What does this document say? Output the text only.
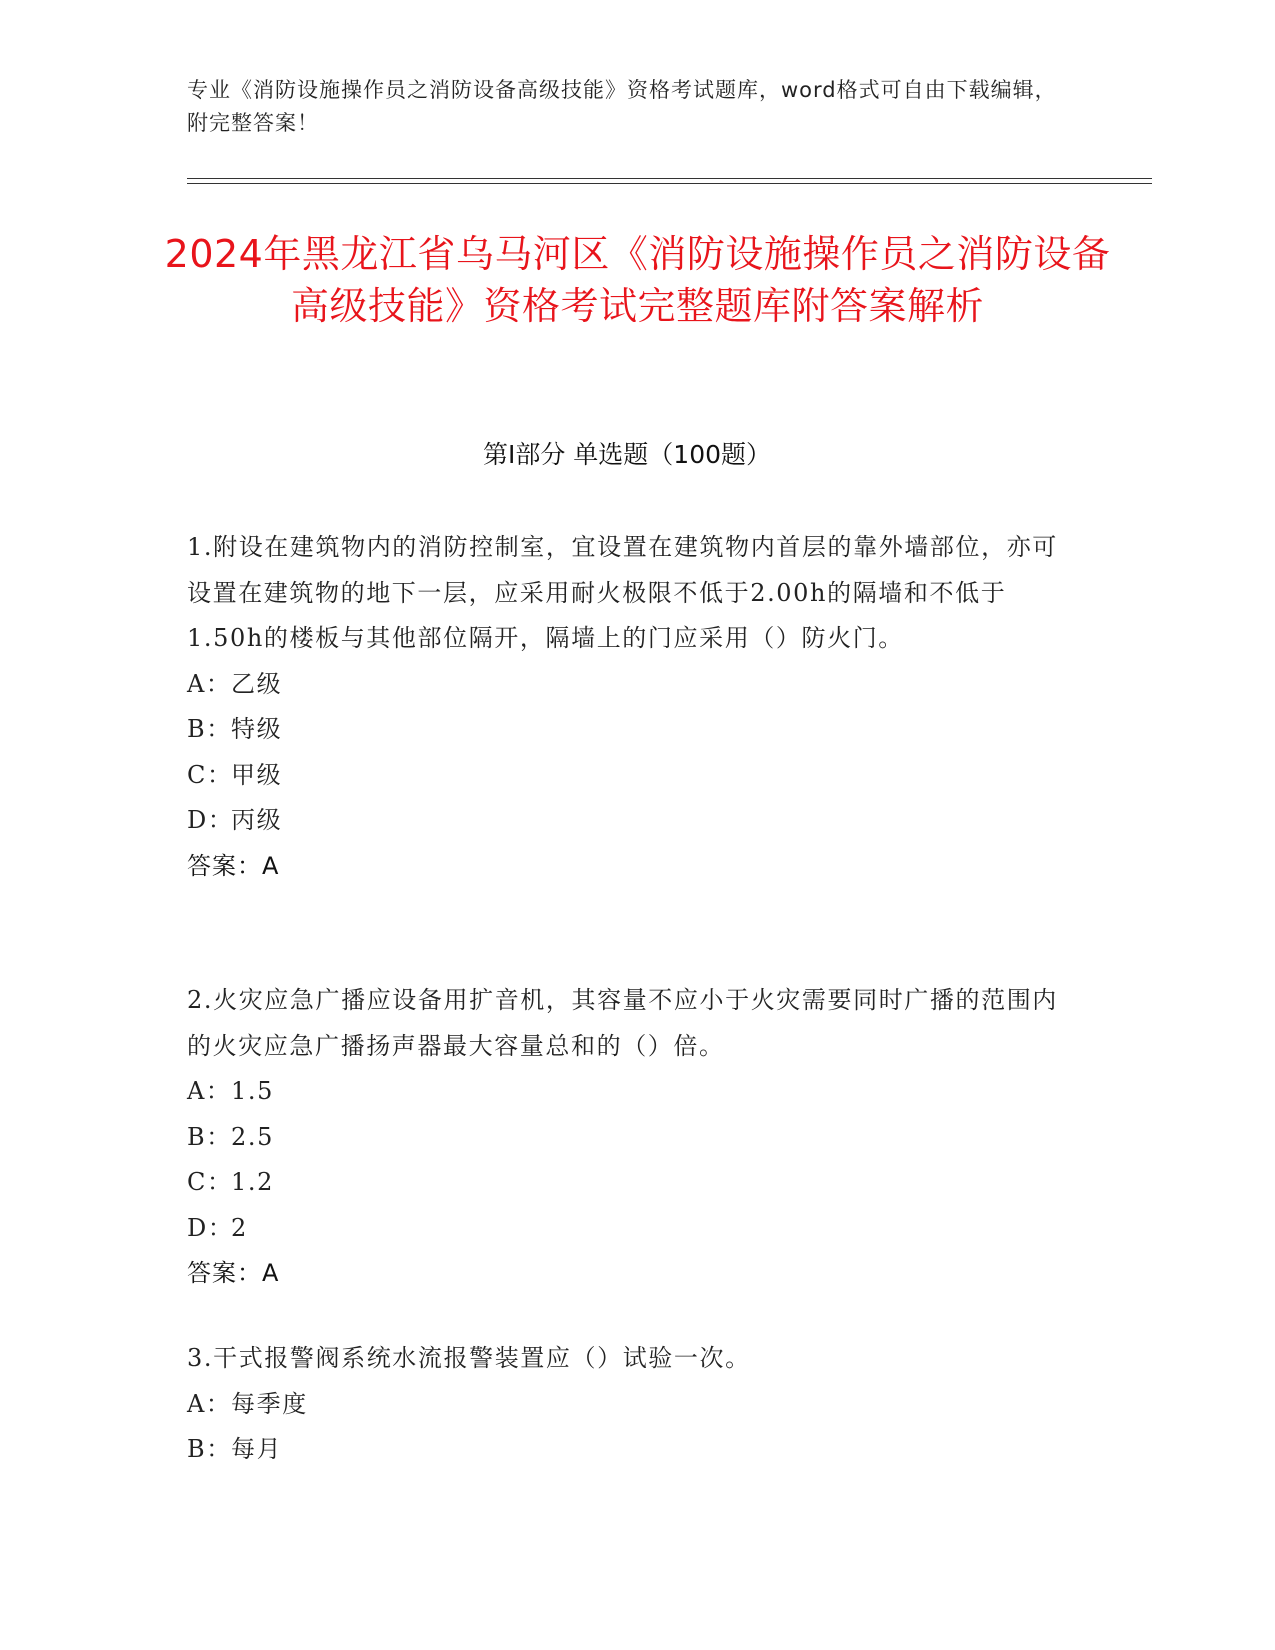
专业《消防设施操作员之消防设备高级技能》资格考试题库，word格式可自由下载编辑，附完整答案！
2024年黑龙江省乌马河区《消防设施操作员之消防设备高级技能》资格考试完整题库附答案解析
第I部分 单选题（100题）
1.附设在建筑物内的消防控制室，宜设置在建筑物内首层的靠外墙部位，亦可设置在建筑物的地下一层，应采用耐火极限不低于2.00h的隔墙和不低于1.50h的楼板与其他部位隔开，隔墙上的门应采用（）防火门。
A：乙级
B：特级
C：甲级
D：丙级
答案：A
2.火灾应急广播应设备用扩音机，其容量不应小于火灾需要同时广播的范围内的火灾应急广播扬声器最大容量总和的（）倍。
A：1.5
B：2.5
C：1.2
D：2
答案：A
3.干式报警阀系统水流报警装置应（）试验一次。
A：每季度
B：每月
